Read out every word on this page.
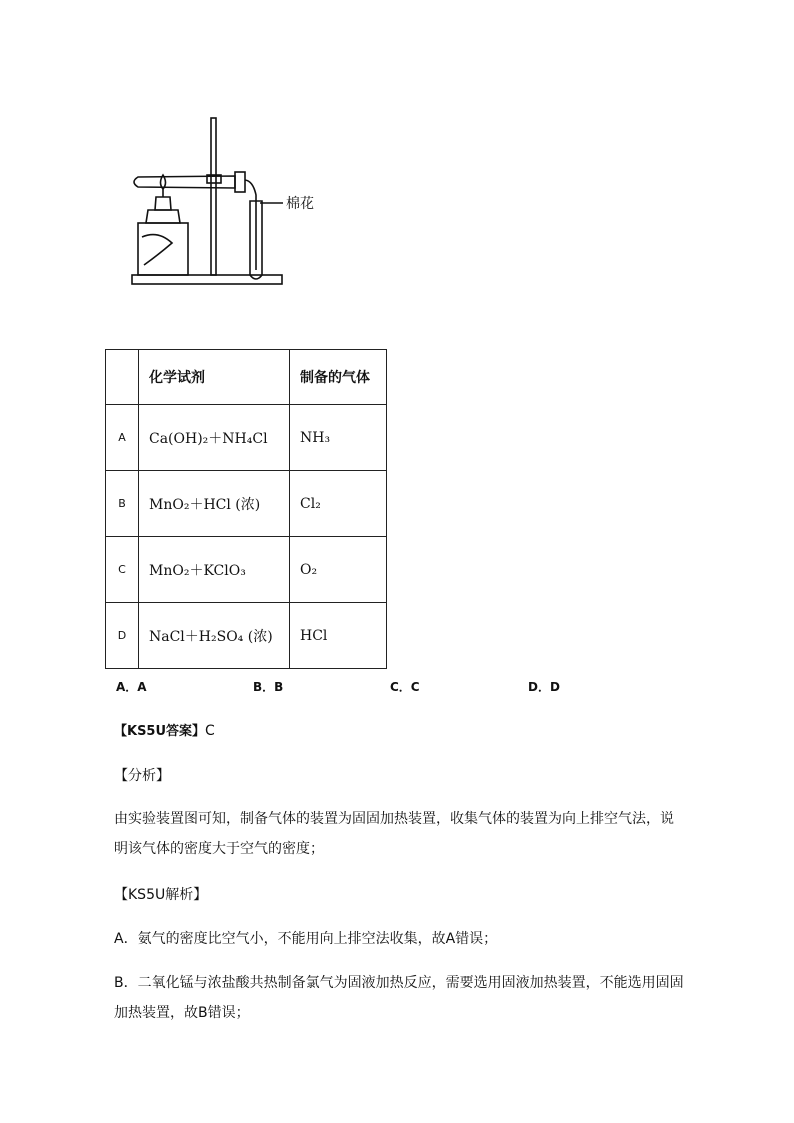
棉花
	化学试剂	制备的气体
A	Ca(OH)₂＋NH₄Cl	NH₃
B	MnO₂＋HCl (浓)	Cl₂
C	MnO₂＋KClO₃	O₂
D	NaCl＋H₂SO₄ (浓)	HCl
A．A	B．B	C．C	D．D
【KS5U答案】C
【分析】
由实验装置图可知，制备气体的装置为固固加热装置，收集气体的装置为向上排空气法，说明该气体的密度大于空气的密度；
【KS5U解析】
A．氨气的密度比空气小，不能用向上排空法收集，故A错误；
B．二氧化锰与浓盐酸共热制备氯气为固液加热反应，需要选用固液加热装置，不能选用固固加热装置，故B错误；
